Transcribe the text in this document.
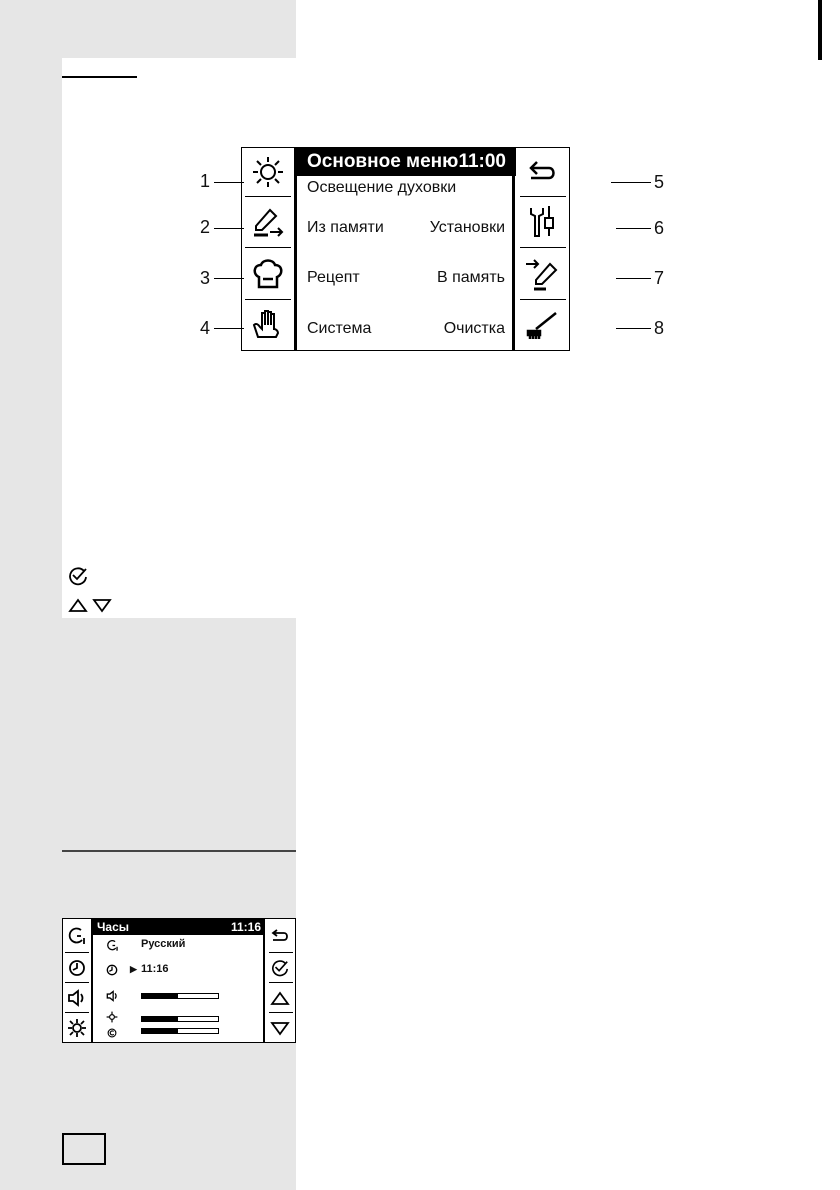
Основное меню 11:00
Освещение духовки
Из памяти
Рецепт
Система
Установки
В память
Очистка
1
2
3
4
5
6
7
8
Часы	11:16
Русский
▶ 11:16
